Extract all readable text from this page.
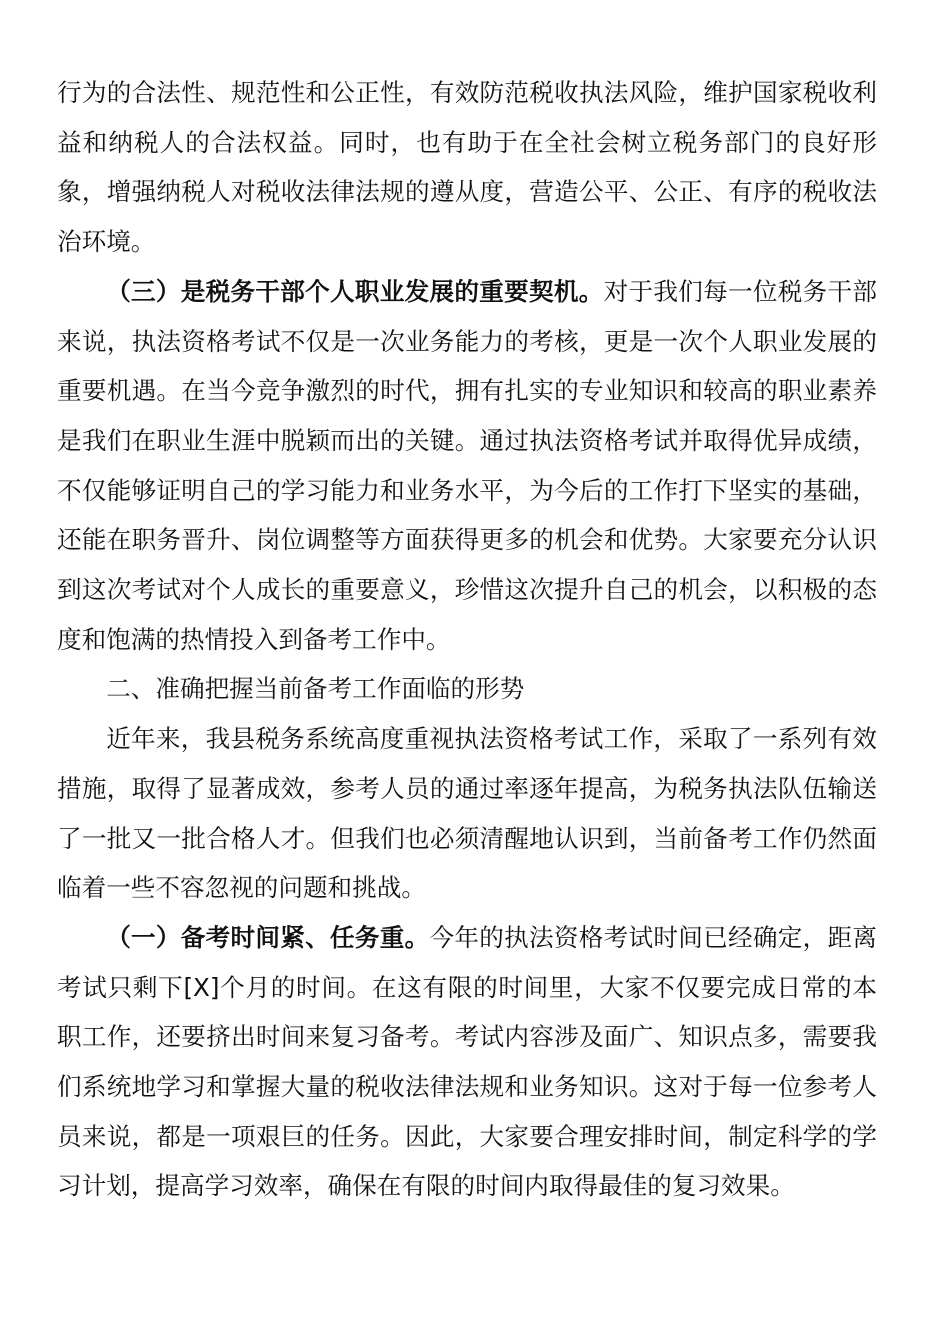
行为的合法性、规范性和公正性，有效防范税收执法风险，维护国家税收利益和纳税人的合法权益。同时，也有助于在全社会树立税务部门的良好形象，增强纳税人对税收法律法规的遵从度，营造公平、公正、有序的税收法治环境。

（三）是税务干部个人职业发展的重要契机。对于我们每一位税务干部来说，执法资格考试不仅是一次业务能力的考核，更是一次个人职业发展的重要机遇。在当今竞争激烈的时代，拥有扎实的专业知识和较高的职业素养是我们在职业生涯中脱颖而出的关键。通过执法资格考试并取得优异成绩，不仅能够证明自己的学习能力和业务水平，为今后的工作打下坚实的基础，还能在职务晋升、岗位调整等方面获得更多的机会和优势。大家要充分认识到这次考试对个人成长的重要意义，珍惜这次提升自己的机会，以积极的态度和饱满的热情投入到备考工作中。

二、准确把握当前备考工作面临的形势

近年来，我县税务系统高度重视执法资格考试工作，采取了一系列有效措施，取得了显著成效，参考人员的通过率逐年提高，为税务执法队伍输送了一批又一批合格人才。但我们也必须清醒地认识到，当前备考工作仍然面临着一些不容忽视的问题和挑战。

（一）备考时间紧、任务重。今年的执法资格考试时间已经确定，距离考试只剩下[X]个月的时间。在这有限的时间里，大家不仅要完成日常的本职工作，还要挤出时间来复习备考。考试内容涉及面广、知识点多，需要我们系统地学习和掌握大量的税收法律法规和业务知识。这对于每一位参考人员来说，都是一项艰巨的任务。因此，大家要合理安排时间，制定科学的学习计划，提高学习效率，确保在有限的时间内取得最佳的复习效果。
